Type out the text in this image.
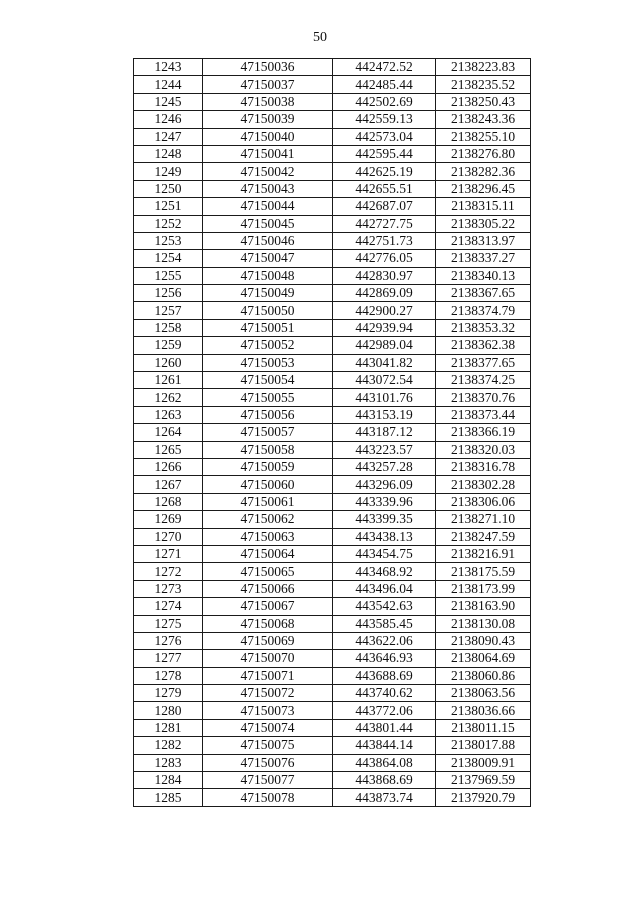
50
1243	47150036	442472.52	2138223.83
1244	47150037	442485.44	2138235.52
1245	47150038	442502.69	2138250.43
1246	47150039	442559.13	2138243.36
1247	47150040	442573.04	2138255.10
1248	47150041	442595.44	2138276.80
1249	47150042	442625.19	2138282.36
1250	47150043	442655.51	2138296.45
1251	47150044	442687.07	2138315.11
1252	47150045	442727.75	2138305.22
1253	47150046	442751.73	2138313.97
1254	47150047	442776.05	2138337.27
1255	47150048	442830.97	2138340.13
1256	47150049	442869.09	2138367.65
1257	47150050	442900.27	2138374.79
1258	47150051	442939.94	2138353.32
1259	47150052	442989.04	2138362.38
1260	47150053	443041.82	2138377.65
1261	47150054	443072.54	2138374.25
1262	47150055	443101.76	2138370.76
1263	47150056	443153.19	2138373.44
1264	47150057	443187.12	2138366.19
1265	47150058	443223.57	2138320.03
1266	47150059	443257.28	2138316.78
1267	47150060	443296.09	2138302.28
1268	47150061	443339.96	2138306.06
1269	47150062	443399.35	2138271.10
1270	47150063	443438.13	2138247.59
1271	47150064	443454.75	2138216.91
1272	47150065	443468.92	2138175.59
1273	47150066	443496.04	2138173.99
1274	47150067	443542.63	2138163.90
1275	47150068	443585.45	2138130.08
1276	47150069	443622.06	2138090.43
1277	47150070	443646.93	2138064.69
1278	47150071	443688.69	2138060.86
1279	47150072	443740.62	2138063.56
1280	47150073	443772.06	2138036.66
1281	47150074	443801.44	2138011.15
1282	47150075	443844.14	2138017.88
1283	47150076	443864.08	2138009.91
1284	47150077	443868.69	2137969.59
1285	47150078	443873.74	2137920.79
